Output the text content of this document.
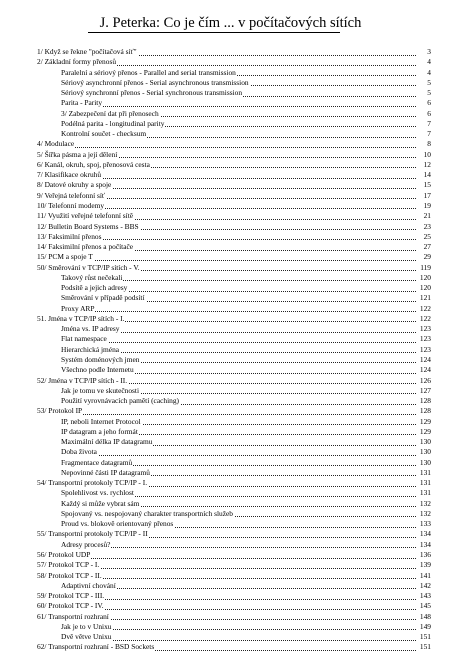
J. Peterka: Co je čím ... v počítačových sítích
1/ Když se řekne "počítačová síť"	3
2/ Základní formy přenosů	4
Paralelní a sériový přenos - Parallel and serial transmission	4
Sériový asynchronní přenos - Serial asynchronous transmission	5
Sériový synchronní přenos - Serial synchronous transmission	5
Parita - Parity	6
3/ Zabezpečení dat při přenosech	6
Podélná parita - longitudinal parity	7
Kontrolní součet - checksum	7
4/ Modulace	8
5/ Šířka pásma a její dělení	10
6/ Kanál, okruh, spoj, přenosová cesta	12
7/ Klasifikace okruhů	14
8/ Datové okruhy a spoje	15
9/ Veřejná telefonní síť	17
10/ Telefonní modemy	19
11/ Využití veřejné telefonní sítě	21
12/ Bulletin Board Systems - BBS	23
13/ Faksimilní přenos	25
14/ Faksimilní přenos a počítače	27
15/ PCM a spoje T	29
50/ Směrování v TCP/IP sítích - V.	119
Takový růst nečekali	120
Podsítě a jejich adresy	120
Směrování v případě podsítí	121
Proxy ARP	122
51. Jména v TCP/IP sítích - I.	122
Jména vs. IP adresy	123
Flat namespace	123
Hierarchická jména	123
Systém doménových jmen	124
Všechno podle Internetu	124
52/ Jména v TCP/IP sítích - II.	126
Jak je tomu ve skutečnosti	127
Použití vyrovnávacích pamětí (caching)	128
53/ Protokol IP	128
IP, neboli Internet Protocol	129
IP datagram a jeho formát	129
Maximální délka IP datagramu	130
Doba života	130
Fragmentace datagramů	130
Nepovinné části IP datagramů	131
54/ Transportní protokoly TCP/IP - I.	131
Spolehlivost vs. rychlost	131
Každý si může vybrat sám	132
Spojovaný vs. nespojovaný charakter transportních služeb	132
Proud vs. blokově orientovaný přenos	133
55/ Transportní protokoly TCP/IP - II	134
Adresy procesů?	134
56/ Protokol UDP	136
57/ Protokol TCP - I.	139
58/ Protokol TCP - II.	141
Adaptivní chování	142
59/ Protokol TCP - III.	143
60/ Protokol TCP - IV.	145
61/ Transportní rozhraní	148
Jak je to v Unixu	149
Dvě větve Unixu	151
62/ Transportní rozhraní - BSD Sockets	151
